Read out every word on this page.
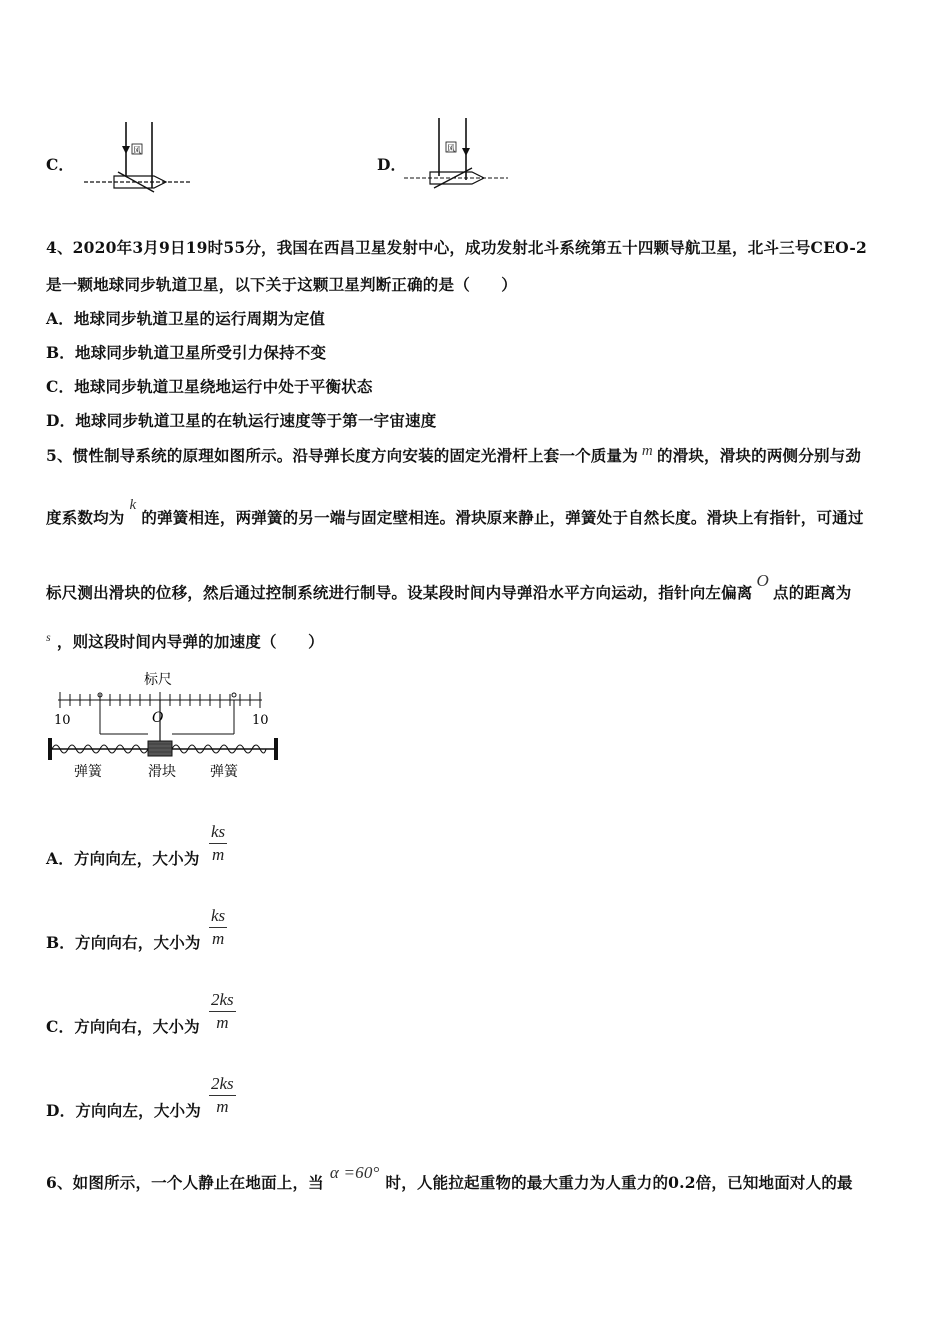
C．
风
D．
风
4、2020年3月9日19时55分，我国在西昌卫星发射中心，成功发射北斗系统第五十四颗导航卫星，北斗三号CEO-2
是一颗地球同步轨道卫星，以下关于这颗卫星判断正确的是（　　）
A．地球同步轨道卫星的运行周期为定值
B．地球同步轨道卫星所受引力保持不变
C．地球同步轨道卫星绕地运行中处于平衡状态
D．地球同步轨道卫星的在轨运行速度等于第一宇宙速度
5、惯性制导系统的原理如图所示。沿导弹长度方向安装的固定光滑杆上套一个质量为 m 的滑块，滑块的两侧分别与劲
度系数均为k的弹簧相连，两弹簧的另一端与固定壁相连。滑块原来静止，弹簧处于自然长度。滑块上有指针，可通过
标尺测出滑块的位移，然后通过控制系统进行制导。设某段时间内导弹沿水平方向运动，指针向左偏离O点的距离为
$^s$ ，则这段时间内导弹的加速度（　　）
标尺
10	O	10
弹簧	滑块 弹簧
A．方向向左，大小为
ks
m
B．方向向右，大小为
ks
m
C．方向向右，大小为
2ks
m
D．方向向左，大小为
2ks
m
6、如图所示，一个人静止在地面上，当α =60°时，人能拉起重物的最大重力为人重力的0.2倍，已知地面对人的最
